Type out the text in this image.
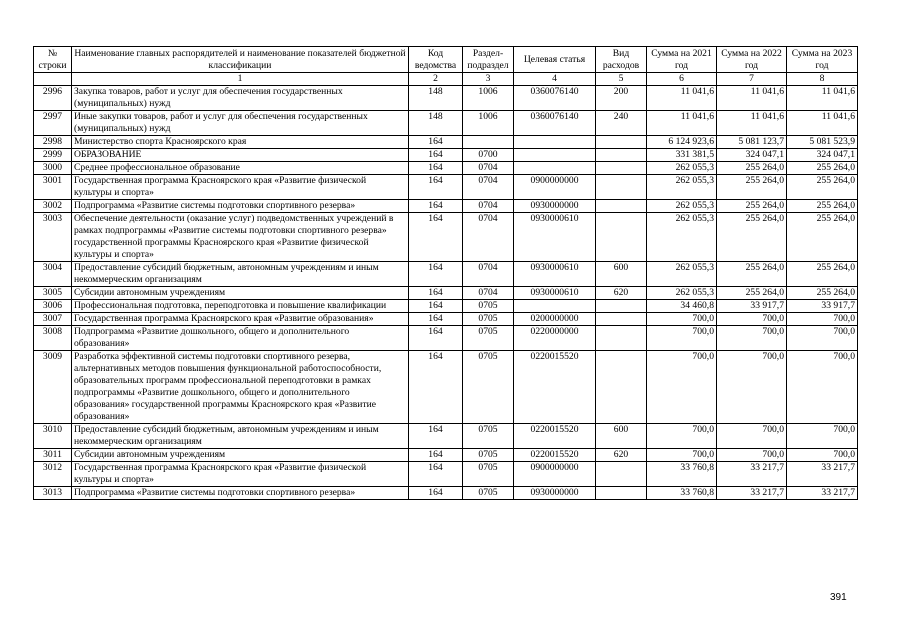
№ строки	Наименование главных распорядителей и наименование показателей бюджетной классификации	Код ведомства	Раздел-подраздел	Целевая статья	Вид расходов	Сумма на 2021 год	Сумма на 2022 год	Сумма на 2023 год
	1	2	3	4	5	6	7	8
2996	Закупка товаров, работ и услуг для обеспечения государственных (муниципальных) нужд	148	1006	0360076140	200	11 041,6	11 041,6	11 041,6
2997	Иные закупки товаров, работ и услуг для обеспечения государственных (муниципальных) нужд	148	1006	0360076140	240	11 041,6	11 041,6	11 041,6
2998	Министерство спорта Красноярского края	164				6 124 923,6	5 081 123,7	5 081 523,9
2999	ОБРАЗОВАНИЕ	164	0700			331 381,5	324 047,1	324 047,1
3000	Среднее профессиональное образование	164	0704			262 055,3	255 264,0	255 264,0
3001	Государственная программа Красноярского края «Развитие физической культуры и спорта»	164	0704	0900000000		262 055,3	255 264,0	255 264,0
3002	Подпрограмма «Развитие системы подготовки спортивного резерва»	164	0704	0930000000		262 055,3	255 264,0	255 264,0
3003	Обеспечение деятельности (оказание услуг) подведомственных учреждений в рамках подпрограммы «Развитие системы подготовки спортивного резерва» государственной программы Красноярского края «Развитие физической культуры и спорта»	164	0704	0930000610		262 055,3	255 264,0	255 264,0
3004	Предоставление субсидий бюджетным, автономным учреждениям и иным некоммерческим организациям	164	0704	0930000610	600	262 055,3	255 264,0	255 264,0
3005	Субсидии автономным учреждениям	164	0704	0930000610	620	262 055,3	255 264,0	255 264,0
3006	Профессиональная подготовка, переподготовка и повышение квалификации	164	0705			34 460,8	33 917,7	33 917,7
3007	Государственная программа Красноярского края «Развитие образования»	164	0705	0200000000		700,0	700,0	700,0
3008	Подпрограмма «Развитие дошкольного, общего и дополнительного образования»	164	0705	0220000000		700,0	700,0	700,0
3009	Разработка эффективной системы подготовки спортивного резерва, альтернативных методов повышения функциональной работоспособности, образовательных программ профессиональной переподготовки в рамках подпрограммы «Развитие дошкольного, общего и дополнительного образования» государственной программы Красноярского края «Развитие образования»	164	0705	0220015520		700,0	700,0	700,0
3010	Предоставление субсидий бюджетным, автономным учреждениям и иным некоммерческим организациям	164	0705	0220015520	600	700,0	700,0	700,0
3011	Субсидии автономным учреждениям	164	0705	0220015520	620	700,0	700,0	700,0
3012	Государственная программа Красноярского края «Развитие физической культуры и спорта»	164	0705	0900000000		33 760,8	33 217,7	33 217,7
3013	Подпрограмма «Развитие системы подготовки спортивного резерва»	164	0705	0930000000		33 760,8	33 217,7	33 217,7
391
